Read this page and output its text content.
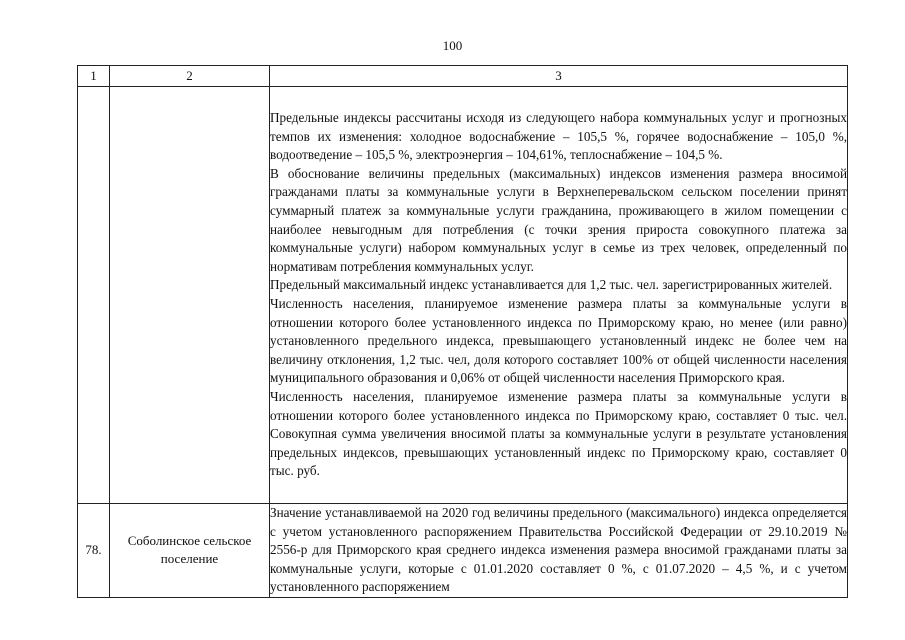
100
1	2	3

		Предельные индексы рассчитаны исходя из следующего набора коммунальных услуг и прогнозных темпов их изменения: холодное водоснабжение – 105,5 %, горячее водоснабжение – 105,0 %, водоотведение – 105,5 %, электроэнергия – 104,61%, теплоснабжение – 104,5 %.

В обоснование величины предельных (максимальных) индексов изменения размера вносимой гражданами платы за коммунальные услуги в Верхнеперевальском сельском поселении принят суммарный платеж за коммунальные услуги гражданина, проживающего в жилом помещении с наиболее невыгодным для потребления (с точки зрения прироста совокупного платежа за коммунальные услуги) набором коммунальных услуг в семье из трех человек, определенный по нормативам потребления коммунальных услуг.

Предельный максимальный индекс устанавливается для 1,2 тыс. чел. зарегистрированных жителей.

Численность населения, планируемое изменение размера платы за коммунальные услуги в отношении которого более установленного индекса по Приморскому краю, но менее (или равно) установленного предельного индекса, превышающего установленный индекс не более чем на величину отклонения, 1,2 тыс. чел, доля которого составляет 100% от общей численности населения муниципального образования и 0,06% от общей численности населения Приморского края.

Численность населения, планируемое изменение размера платы за коммунальные услуги в отношении которого более установленного индекса по Приморскому краю, составляет 0 тыс. чел. Совокупная сумма увеличения вносимой платы за коммунальные услуги в результате установления предельных индексов, превышающих установленный индекс по Приморскому краю, составляет 0 тыс. руб.

78.	Соболинское сельское поселение	Значение устанавливаемой на 2020 год величины предельного (максимального) индекса определяется с учетом установленного распоряжением Правительства Российской Федерации от 29.10.2019 № 2556-р для Приморского края среднего индекса изменения размера вносимой гражданами платы за коммунальные услуги, которые с 01.01.2020 составляет 0 %, с 01.07.2020 – 4,5 %, и с учетом установленного распоряжением
